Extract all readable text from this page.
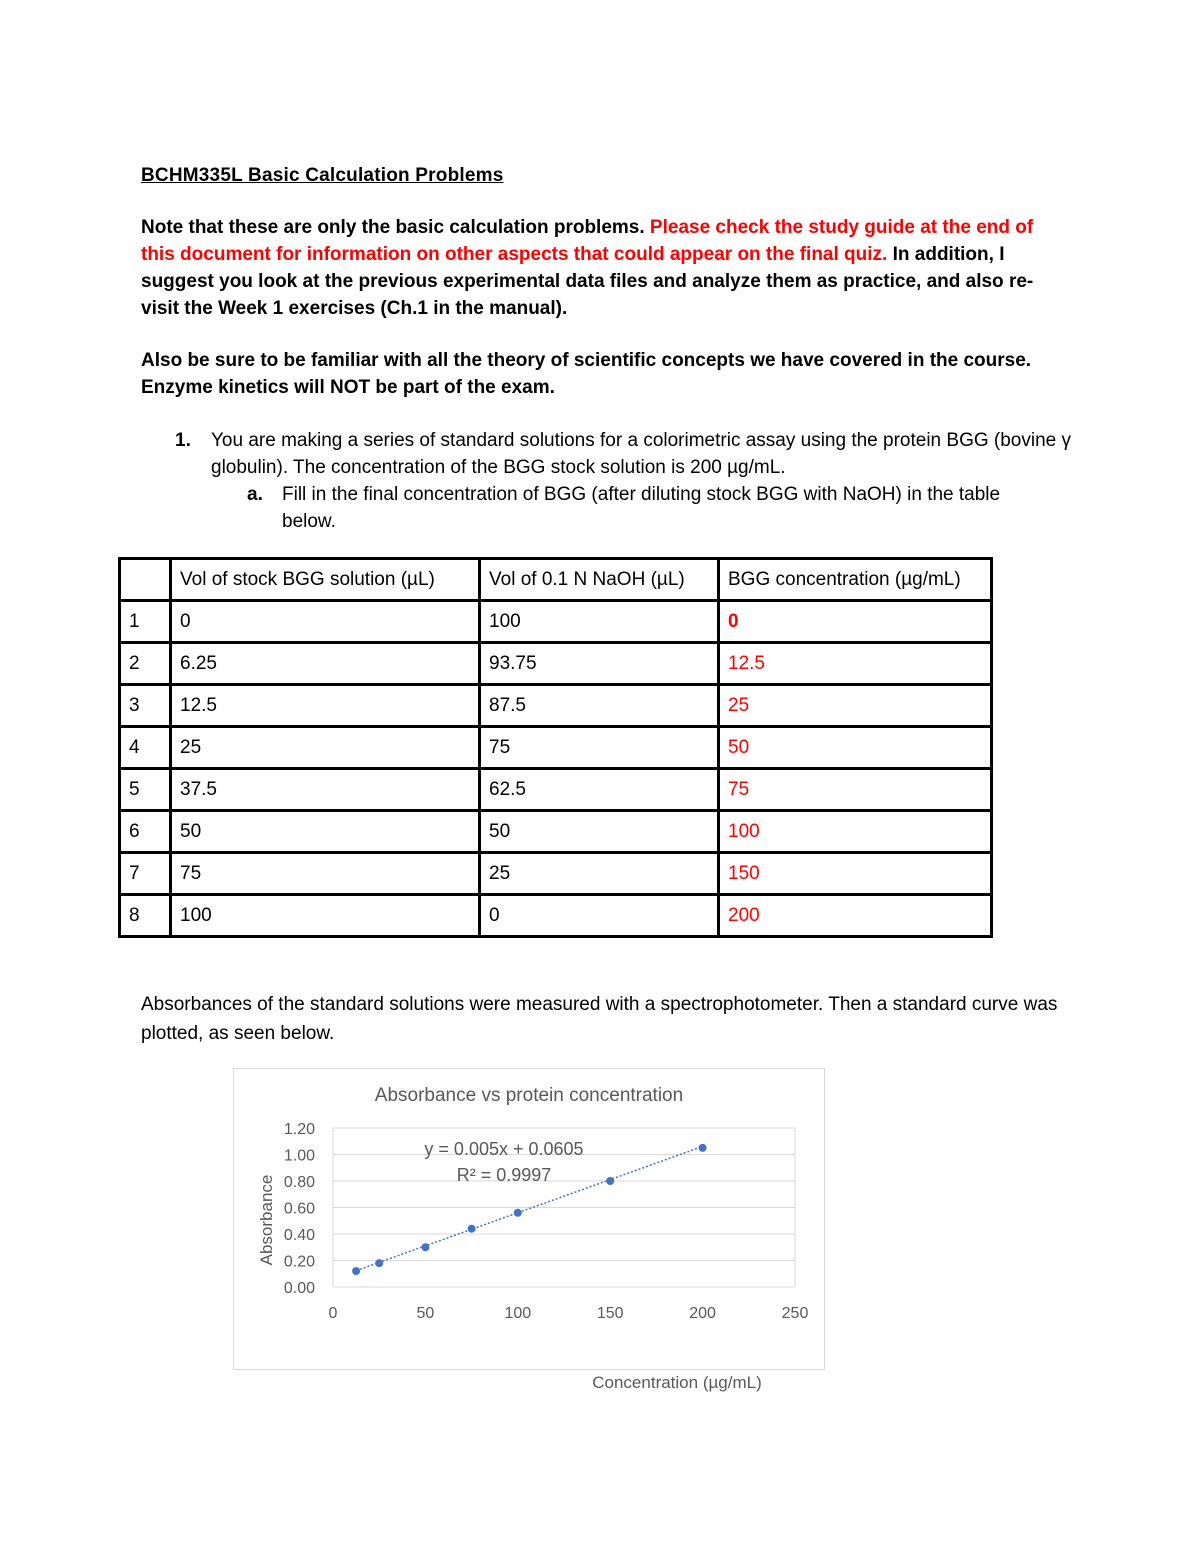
BCHM335L Basic Calculation Problems
Note that these are only the basic calculation problems. Please check the study guide at the end of this document for information on other aspects that could appear on the final quiz. In addition, I suggest you look at the previous experimental data files and analyze them as practice, and also re-visit the Week 1 exercises (Ch.1 in the manual).
Also be sure to be familiar with all the theory of scientific concepts we have covered in the course. Enzyme kinetics will NOT be part of the exam.
1. You are making a series of standard solutions for a colorimetric assay using the protein BGG (bovine γ globulin). The concentration of the BGG stock solution is 200 µg/mL.
a. Fill in the final concentration of BGG (after diluting stock BGG with NaOH) in the table below.
	Vol of stock BGG solution (µL)	Vol of 0.1 N NaOH (µL)	BGG concentration (µg/mL)
1	0	100	0
2	6.25	93.75	12.5
3	12.5	87.5	25
4	25	75	50
5	37.5	62.5	75
6	50	50	100
7	75	25	150
8	100	0	200
Absorbances of the standard solutions were measured with a spectrophotometer. Then a standard curve was plotted, as seen below.
Absorbance vs protein concentration
Concentration (µg/mL)
Absorbance
0.00
0.20
0.40
0.60
0.80
1.00
1.20
0	50	100	150	200	250
y = 0.005x + 0.0605
R² = 0.9997
